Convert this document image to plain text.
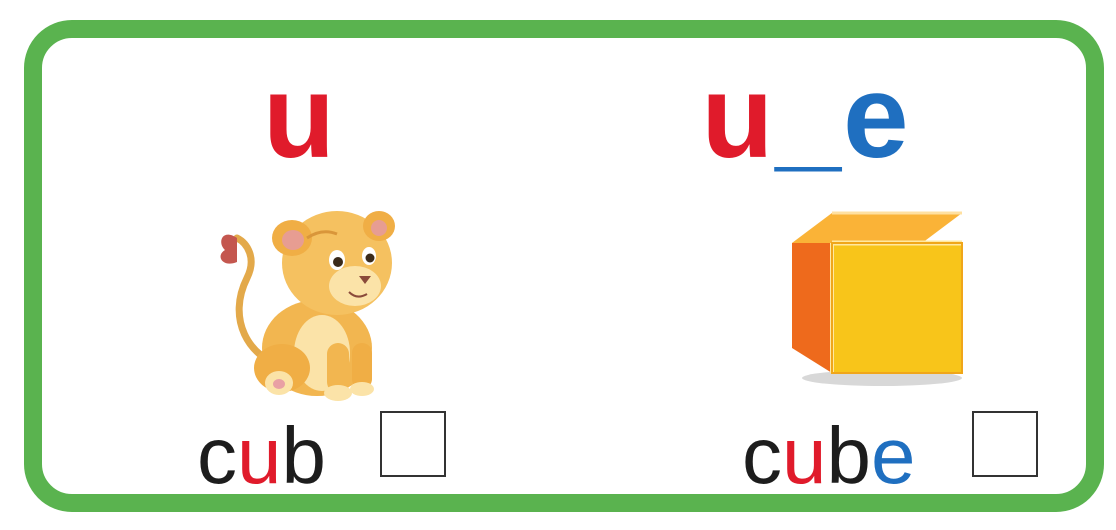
u
cub
u_e
cube
